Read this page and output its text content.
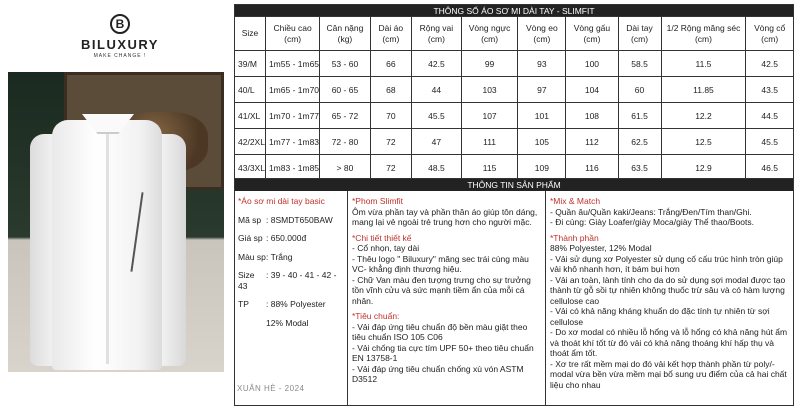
B
BILUXURY
MAKE CHANGE !
XUÂN HÈ - 2024
THÔNG SỐ ÁO SƠ MI DÀI TAY - SLIMFIT										
Size	Chiều cao (cm)	Cân nặng (kg)	Dài áo (cm)	Rộng vai (cm)	Vòng ngực (cm)	Vòng eo (cm)	Vòng gấu (cm)	Dài tay (cm)	1/2 Rộng măng séc (cm)	Vòng cổ (cm)
39/M	1m55 - 1m65	53 - 60	66	42.5	99	93	100	58.5	11.5	42.5
40/L	1m65 - 1m70	60 - 65	68	44	103	97	104	60	11.85	43.5
41/XL	1m70 - 1m77	65 - 72	70	45.5	107	101	108	61.5	12.2	44.5
42/2XL	1m77 - 1m83	72 - 80	72	47	111	105	112	62.5	12.5	45.5
43/3XL	1m83 - 1m85	> 80	72	48.5	115	109	116	63.5	12.9	46.5
THÔNG TIN SẢN PHẨM
*Áo sơ mi dài tay basic
Mã sp : 8SMDT650BAW
Giá sp : 650.000đ
Màu sp: Trắng
Size : 39 - 40 - 41 - 42 - 43
TP : 88% Polyester
12% Modal
*Phom Slimfit
Ôm vừa phần tay và phần thân áo giúp tôn dáng, mang lại vẻ ngoài trẻ trung hơn cho người mặc.
*Chi tiết thiết kế
- Cổ nhọn, tay dài
- Thêu logo " Biluxury" măng sec trái cùng màu VC- khẳng định thương hiệu.
- Chữ Van màu đen tượng trưng cho sự trưởng tồn vĩnh cửu và sức mạnh tiềm ẩn của mỗi cá nhân.
*Tiêu chuẩn:
- Vải đáp ứng tiêu chuẩn độ bền màu giặt theo tiêu chuẩn ISO 105 C06
- Vải chống tia cực tím UPF 50+ theo tiêu chuẩn EN 13758-1
- Vải đáp ứng tiêu chuẩn chống xù vón ASTM D3512
*Mix & Match
- Quần âu/Quần kaki/Jeans: Trắng/Đen/Tím than/Ghi.
- Đi cùng: Giày Loafer/giày Moca/giày Thể thao/Boots.
*Thành phần
88% Polyester, 12% Modal
- Vải sử dụng xơ Polyester sử dụng cố cấu trúc hình tròn giúp vải khô nhanh hơn, ít bám bụi hơn
- Vải an toàn, lành tính cho da do sử dụng sợi modal được tạo thành từ gỗ sồi tự nhiên không thuốc trừ sâu và có hàm lượng cellulose cao
- Vải có khả năng kháng khuẩn do đặc tính tự nhiên từ sợi cellulose
- Do xơ modal có nhiều lỗ hổng và lỗ hổng có khả năng hút ẩm và thoát khí tốt từ đó vải có khả năng thoáng khí hấp thụ và thoát ẩm tốt.
- Xơ tre rất mềm mại do đó vải kết hợp thành phần từ poly/-modal vừa bền vừa mềm mại bổ sung ưu điểm của cả hai chất liệu cho nhau
